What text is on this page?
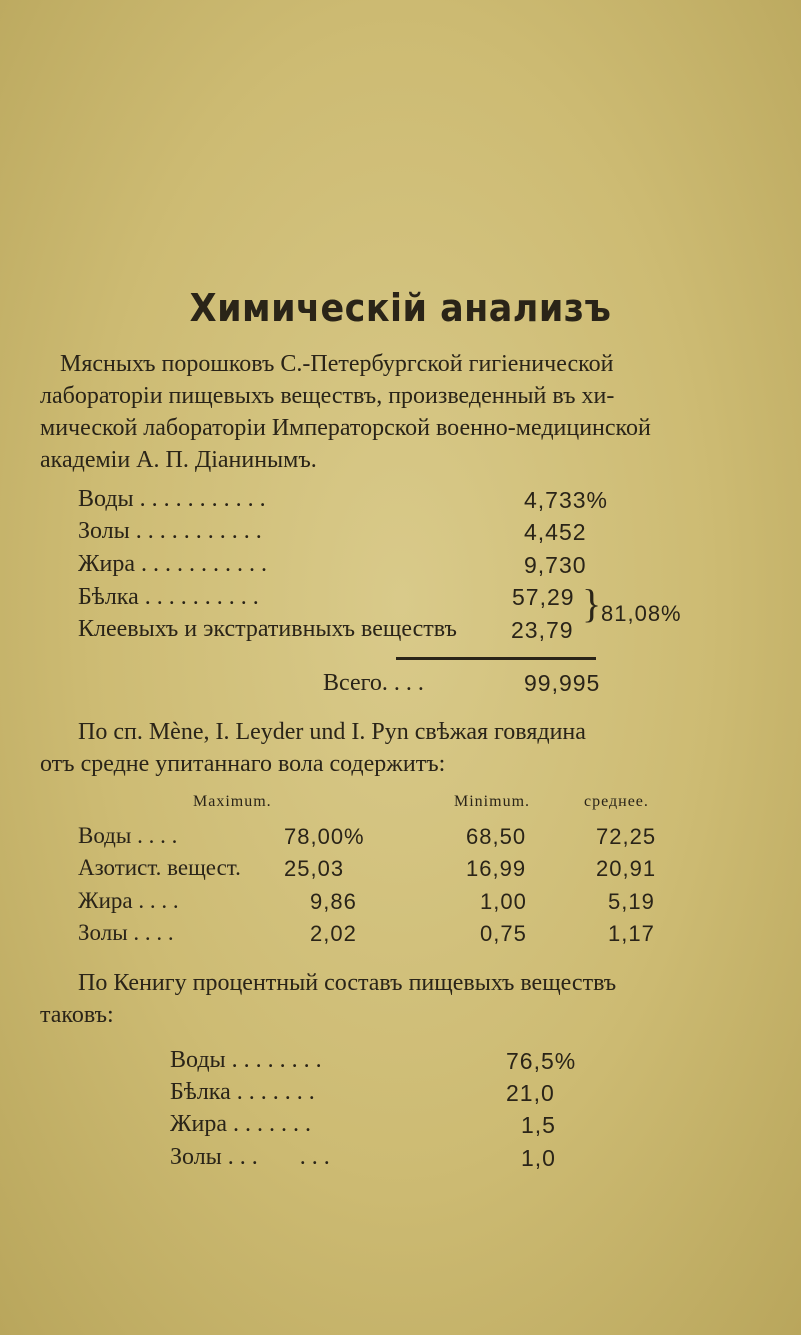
Химическій анализъ
Мясныхъ порошковъ С.-Петербургской гигіенической
лабораторіи пищевыхъ веществъ, произведенный въ хи-
мической лабораторіи Императорской военно-медицинской
академіи А. П. Діанинымъ.
Воды . . . . . . . . . . .	4,733%
Золы . . . . . . . . . . .	4,452
Жира . . . . . . . . . . .	9,730
Бѣлка . . . . . . . . . .	57,29
Клеевыхъ и экстративныхъ веществъ 23,79
} 81,08%
Всего. . . .	99,995
По сп. Mène, I. Leyder und I. Pyn свѣжая говядина
отъ средне упитаннаго вола содержитъ:
Maximum.	Minimum.	среднее.
Воды . . . .	78,00%	68,50	72,25
Азотист. вещест. 25,03	16,99	20,91
Жира . . . .	9,86	1,00	5,19
Золы . . . .	2,02	0,75	1,17
По Кенигу процентный составъ пищевыхъ веществъ
таковъ:
Воды . . . . . . . .	76,5%
Бѣлка . . . . . . .	21,0
Жира . . . . . . .	1,5
Золы . . .       . . .	1,0
